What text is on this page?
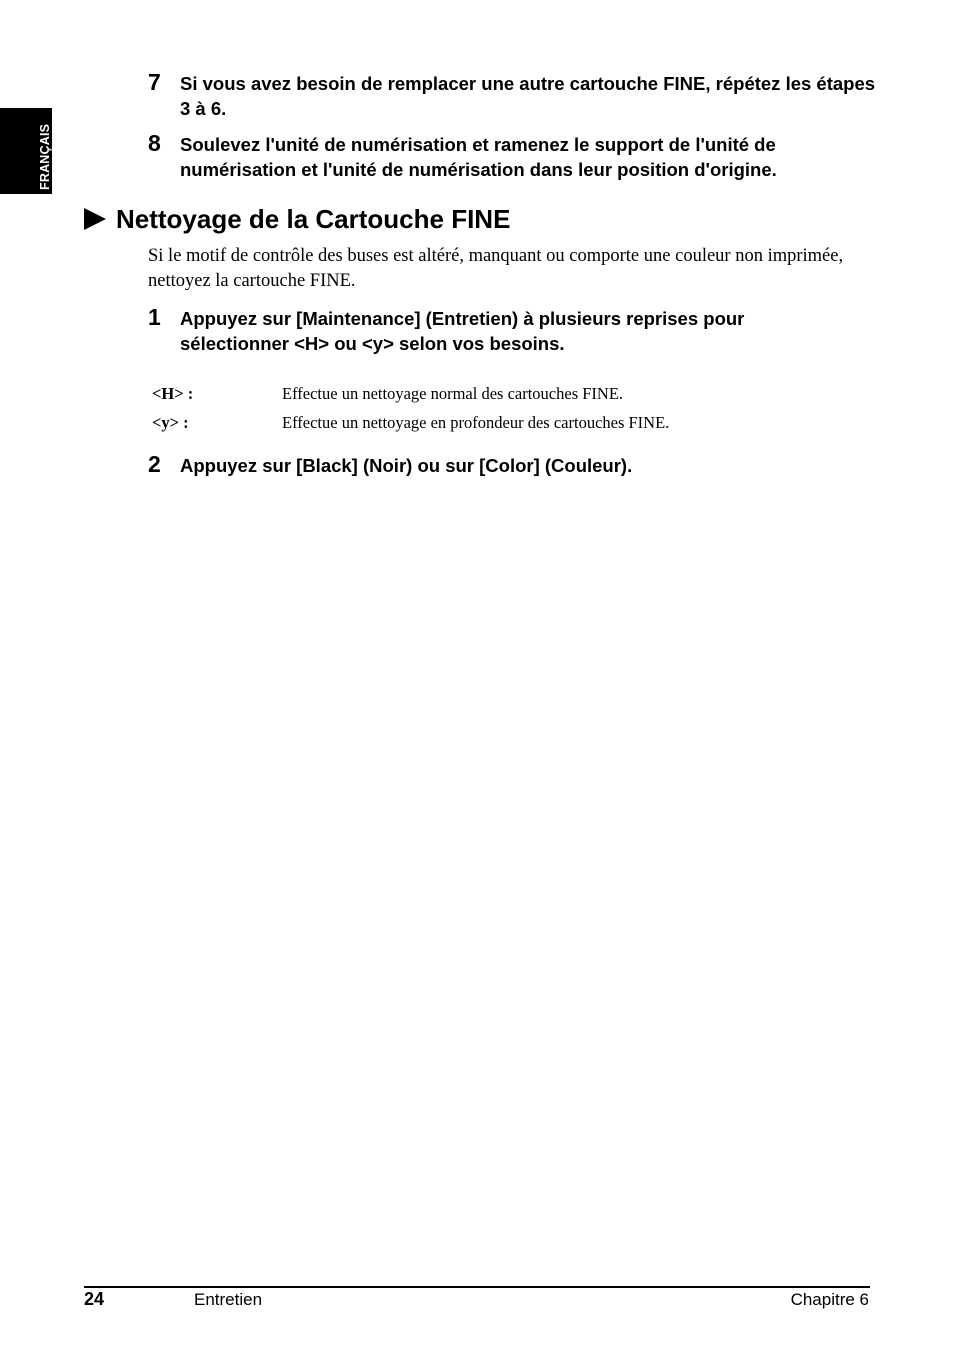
FRANÇAIS
7 Si vous avez besoin de remplacer une autre cartouche FINE, répétez les étapes 3 à 6.
8 Soulevez l'unité de numérisation et ramenez le support de l'unité de numérisation et l'unité de numérisation dans leur position d'origine.
Nettoyage de la Cartouche FINE
Si le motif de contrôle des buses est altéré, manquant ou comporte une couleur non imprimée, nettoyez la cartouche FINE.
1 Appuyez sur [Maintenance] (Entretien) à plusieurs reprises pour sélectionner <H> ou <y> selon vos besoins.
<H> :	Effectue un nettoyage normal des cartouches FINE.
<y> :	Effectue un nettoyage en profondeur des cartouches FINE.
2 Appuyez sur [Black] (Noir) ou sur [Color] (Couleur).
24	Entretien	Chapitre 6
